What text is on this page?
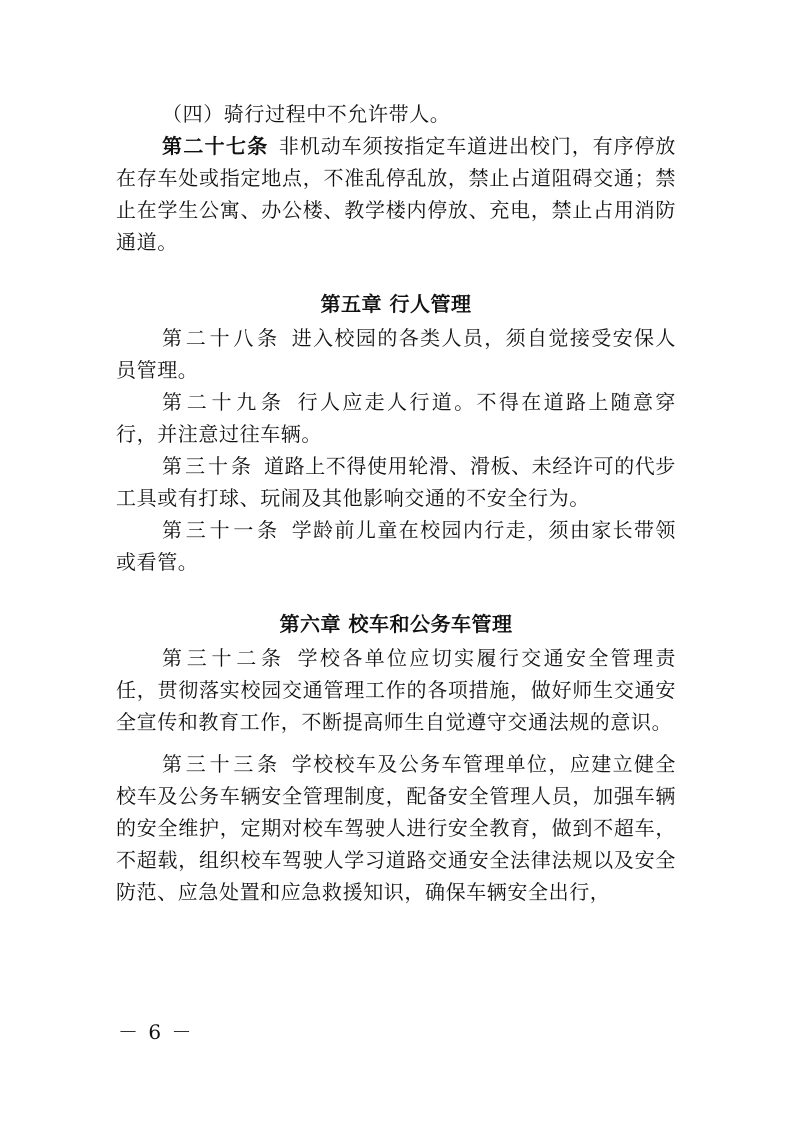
（四）骑行过程中不允许带人。

第二十七条 非机动车须按指定车道进出校门，有序停放在存车处或指定地点，不准乱停乱放，禁止占道阻碍交通；禁止在学生公寓、办公楼、教学楼内停放、充电，禁止占用消防通道。

第五章 行人管理

第二十八条 进入校园的各类人员，须自觉接受安保人员管理。

第二十九条 行人应走人行道。不得在道路上随意穿行，并注意过往车辆。

第三十条 道路上不得使用轮滑、滑板、未经许可的代步工具或有打球、玩闹及其他影响交通的不安全行为。

第三十一条 学龄前儿童在校园内行走，须由家长带领或看管。

第六章 校车和公务车管理

第三十二条 学校各单位应切实履行交通安全管理责任，贯彻落实校园交通管理工作的各项措施，做好师生交通安全宣传和教育工作，不断提高师生自觉遵守交通法规的意识。

第三十三条 学校校车及公务车管理单位，应建立健全校车及公务车辆安全管理制度，配备安全管理人员，加强车辆的安全维护，定期对校车驾驶人进行安全教育，做到不超车，不超载，组织校车驾驶人学习道路交通安全法律法规以及安全防范、应急处置和应急救援知识，确保车辆安全出行，

－ 6 －
